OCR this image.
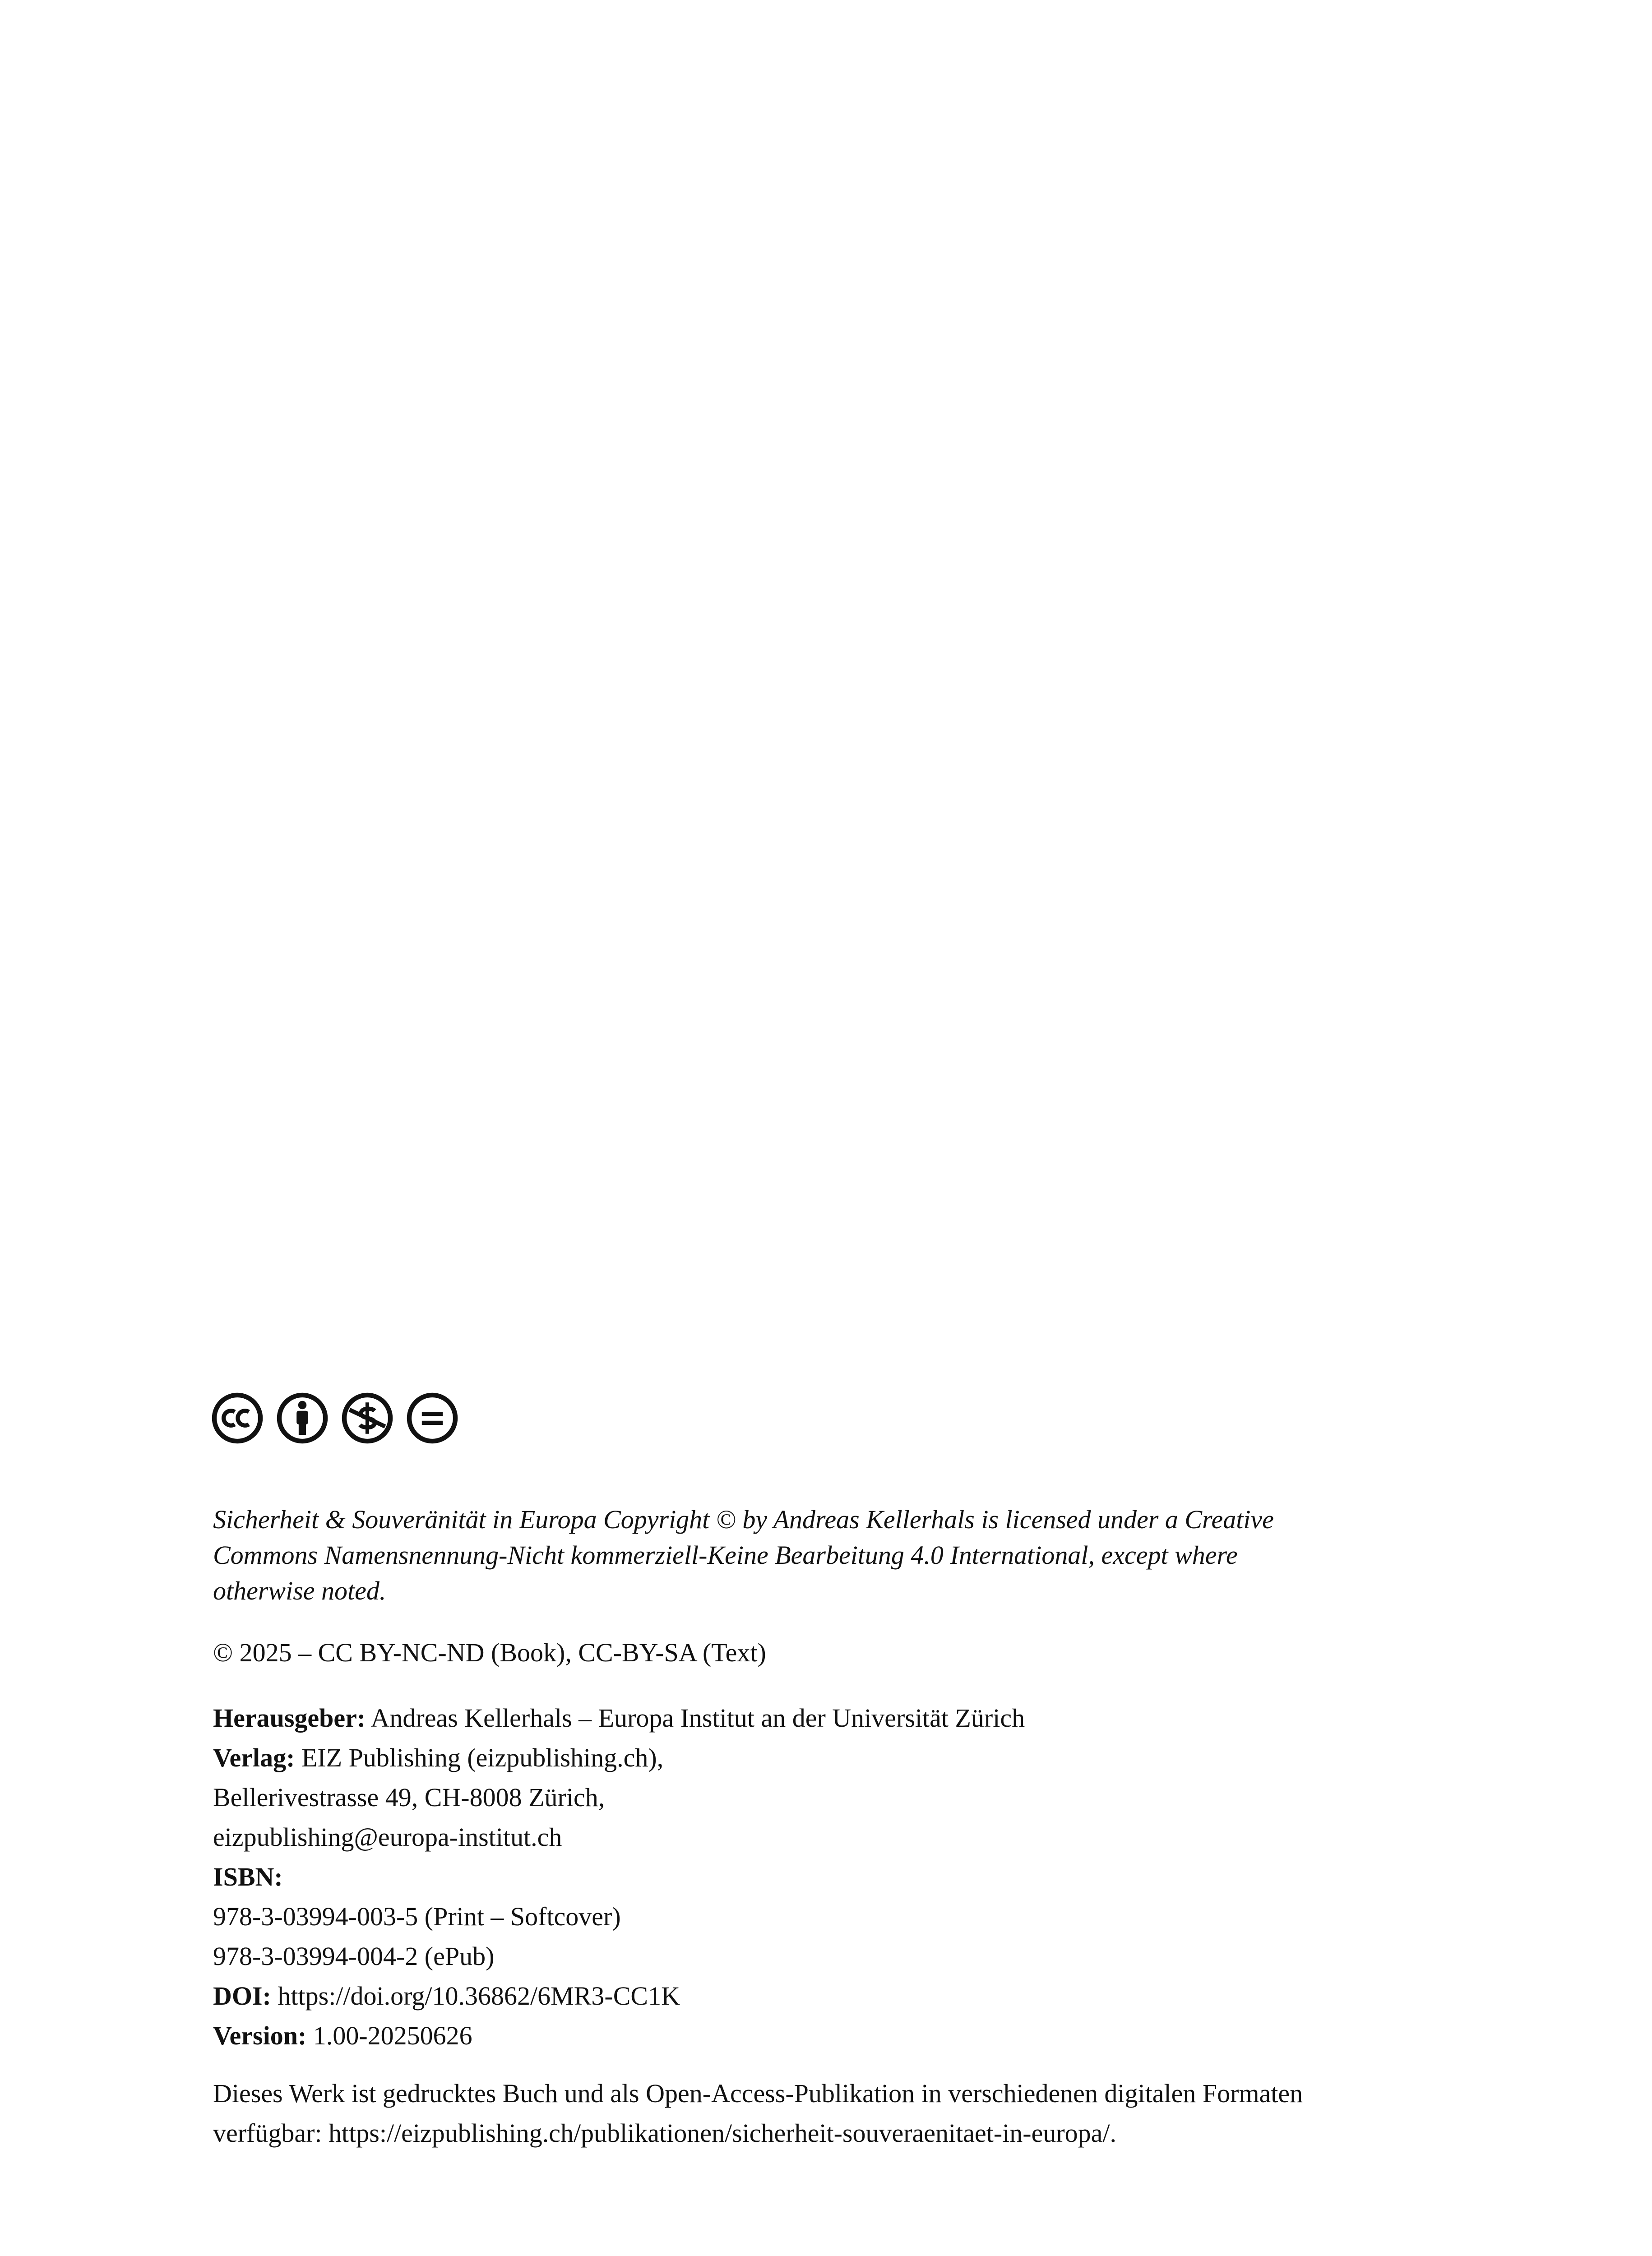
Sicherheit & Souveränität in Europa Copyright © by Andreas Kellerhals is licensed under a Creative
Commons Namensnennung-Nicht kommerziell-Keine Bearbeitung 4.0 International, except where
otherwise noted.

© 2025 – CC BY-NC-ND (Book), CC-BY-SA (Text)

Herausgeber: Andreas Kellerhals – Europa Institut an der Universität Zürich
Verlag: EIZ Publishing (eizpublishing.ch),
Bellerivestrasse 49, CH-8008 Zürich,
eizpublishing@europa-institut.ch
ISBN:
978-3-03994-003-5 (Print – Softcover)
978-3-03994-004-2 (ePub)
DOI: https://doi.org/10.36862/6MR3-CC1K
Version: 1.00-20250626
Dieses Werk ist gedrucktes Buch und als Open-Access-Publikation in verschiedenen digitalen Formaten
verfügbar: https://eizpublishing.ch/publikationen/sicherheit-souveraenitaet-in-europa/.
